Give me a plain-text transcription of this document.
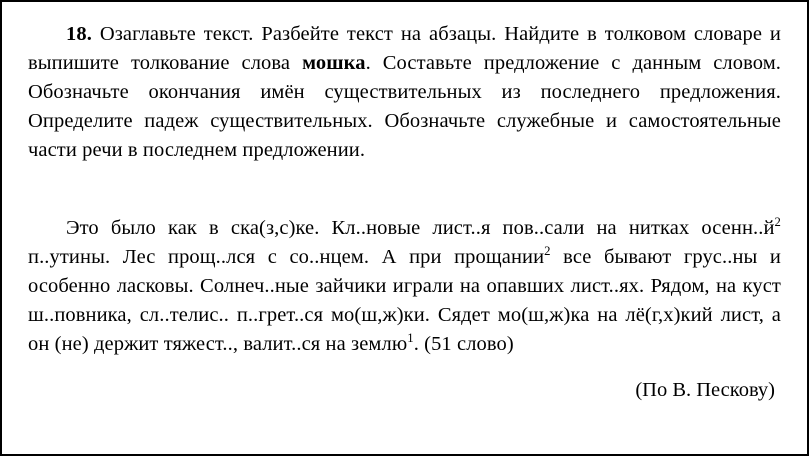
18. Озаглавьте текст. Разбейте текст на абзацы. Найдите в толковом словаре и выпишите толкование слова мошка. Составьте предложение с данным словом. Обозначьте окончания имён существительных из последнего предложения. Определите падеж существительных. Обозначьте служебные и самостоятельные части речи в последнем предложении.

Это было как в ска(з,с)ке. Кл..новые лист..я пов..сали на нитках $осенн..й^2$ п..утины. Лес прощ..лся с со..нцем. А при прощании$^2$ все бывают грус..ны и особенно ласковы. Солнеч..ные зайчики играли на опавших лист..ях. Рядом, на куст ш..повника, сл..телис.. п..грет..ся мо(ш,ж)ки. Сядет мо(ш,ж)ка на лё(г,х)кий лист, а он (не) держит тяжест.., валит..ся на землю$^1$. (51 слово)

(По В. Пескову)
